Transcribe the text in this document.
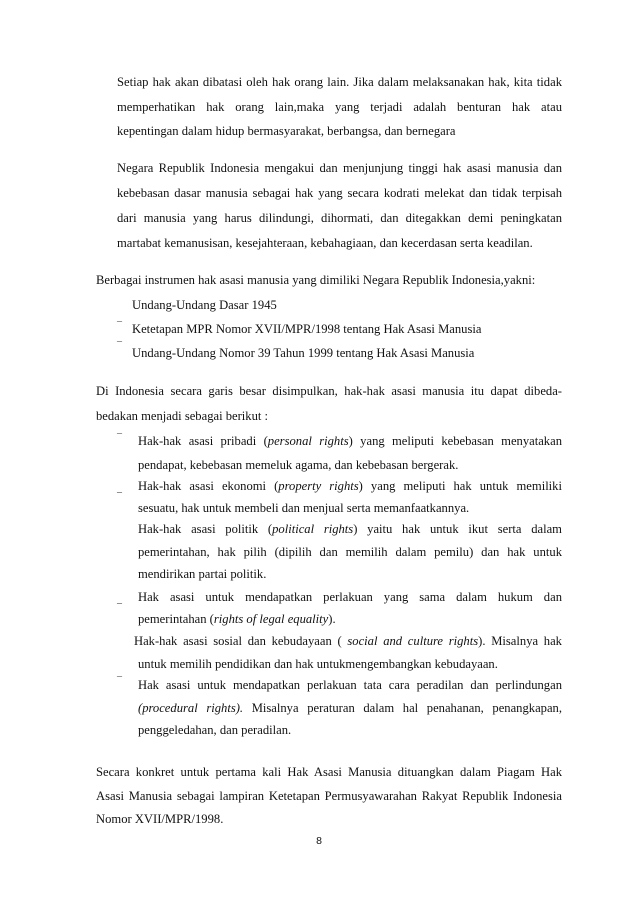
Setiap hak akan dibatasi oleh hak orang lain. Jika dalam melaksanakan hak, kita tidak
memperhatikan hak orang lain,maka yang terjadi adalah benturan hak atau
kepentingan dalam hidup bermasyarakat, berbangsa, dan bernegara
Negara Republik Indonesia mengakui dan menjunjung tinggi hak asasi manusia dan
kebebasan dasar manusia sebagai hak yang secara kodrati melekat dan tidak terpisah
dari manusia yang harus dilindungi, dihormati, dan ditegakkan demi peningkatan
martabat kemanusisan, kesejahteraan, kebahagiaan, dan kecerdasan serta keadilan.
Berbagai instrumen hak asasi manusia yang dimiliki Negara Republik Indonesia,yakni:
Undang-Undang Dasar 1945
¯ Ketetapan MPR Nomor XVII/MPR/1998 tentang Hak Asasi Manusia
¯ Undang-Undang Nomor 39 Tahun 1999 tentang Hak Asasi Manusia
Di Indonesia secara garis besar disimpulkan, hak-hak asasi manusia itu dapat dibeda-
bedakan menjadi sebagai berikut :
¯ Hak-hak asasi pribadi (personal rights) yang meliputi kebebasan menyatakan
pendapat, kebebasan memeluk agama, dan kebebasan bergerak.
_ Hak-hak asasi ekonomi (property rights) yang meliputi hak untuk memiliki
sesuatu, hak untuk membeli dan menjual serta memanfaatkannya.
Hak-hak asasi politik (political rights) yaitu hak untuk ikut serta dalam
pemerintahan, hak pilih (dipilih dan memilih dalam pemilu) dan hak untuk
mendirikan partai politik.
_ Hak asasi untuk mendapatkan perlakuan yang sama dalam hukum dan
pemerintahan (rights of legal equality).
Hak-hak asasi sosial dan kebudayaan ( social and culture rights). Misalnya hak
untuk memilih pendidikan dan hak untukmengembangkan kebudayaan.
¯ Hak asasi untuk mendapatkan perlakuan tata cara peradilan dan perlindungan
(procedural rights). Misalnya peraturan dalam hal penahanan, penangkapan,
penggeledahan, dan peradilan.
Secara konkret untuk pertama kali Hak Asasi Manusia dituangkan dalam Piagam Hak
Asasi Manusia sebagai lampiran Ketetapan Permusyawarahan Rakyat Republik Indonesia
Nomor XVII/MPR/1998.
8
